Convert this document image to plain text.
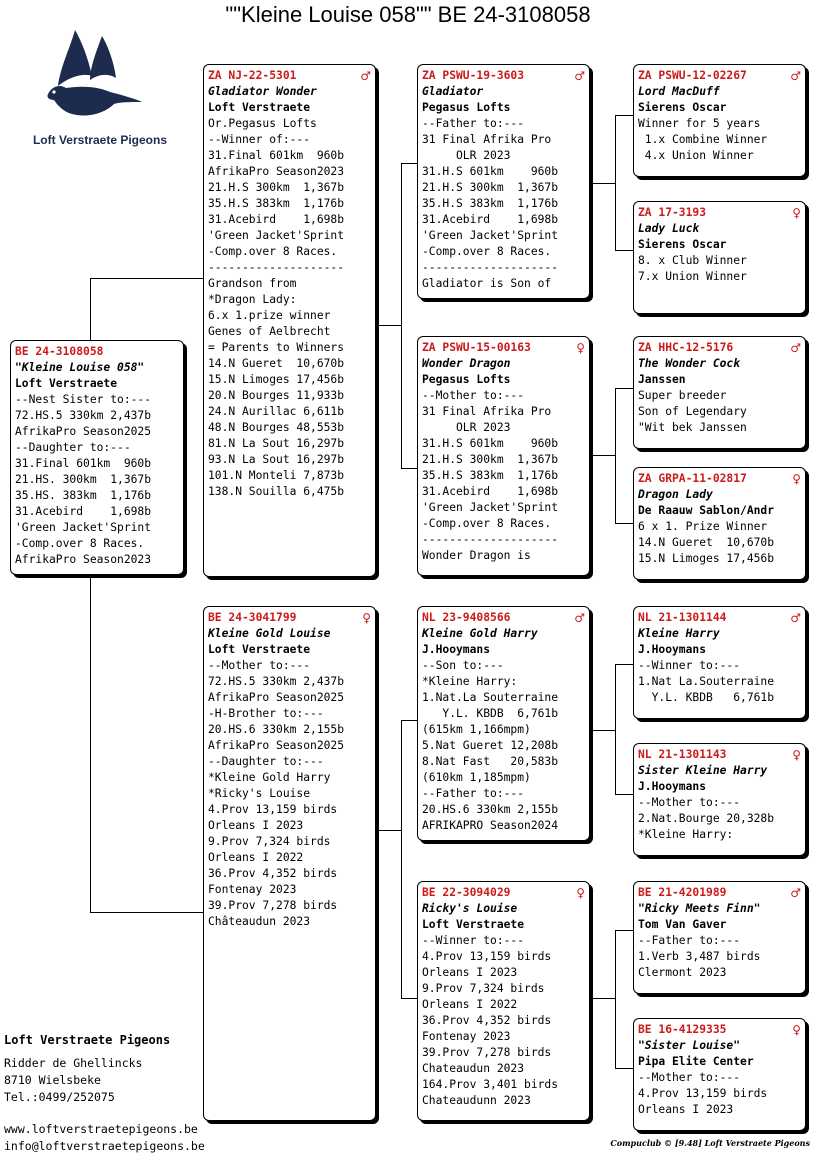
""Kleine Louise 058"" BE 24-3108058
Loft Verstraete Pigeons
BE 24-3108058
"Kleine Louise 058"
Loft Verstraete
--Nest Sister to:---
72.HS.5 330km 2,437b
AfrikaPro Season2025
--Daughter to:---
31.Final 601km  960b
21.HS. 300km  1,367b
35.HS. 383km  1,176b
31.Acebird    1,698b
'Green Jacket'Sprint
-Comp.over 8 Races.
AfrikaPro Season2023
ZA NJ-22-5301	♂
Gladiator Wonder
Loft Verstraete
Or.Pegasus Lofts
--Winner of:---
31.Final 601km  960b
AfrikaPro Season2023
21.H.S 300km  1,367b
35.H.S 383km  1,176b
31.Acebird    1,698b
'Green Jacket'Sprint
-Comp.over 8 Races.
--------------------
Grandson from
*Dragon Lady:
6.x 1.prize winner
Genes of Aelbrecht
= Parents to Winners
14.N Gueret  10,670b
15.N Limoges 17,456b
20.N Bourges 11,933b
24.N Aurillac 6,611b
48.N Bourges 48,553b
81.N La Sout 16,297b
93.N La Sout 16,297b
101.N Monteli 7,873b
138.N Souilla 6,475b
BE 24-3041799	♀
Kleine Gold Louise
Loft Verstraete
--Mother to:---
72.HS.5 330km 2,437b
AfrikaPro Season2025
-H-Brother to:---
20.HS.6 330km 2,155b
AfrikaPro Season2025
--Daughter to:---
*Kleine Gold Harry
*Ricky's Louise
4.Prov 13,159 birds
Orleans I 2023
9.Prov 7,324 birds
Orleans I 2022
36.Prov 4,352 birds
Fontenay 2023
39.Prov 7,278 birds
Châteaudun 2023
ZA PSWU-19-3603	♂
Gladiator
Pegasus Lofts
--Father to:---
31 Final Afrika Pro
OLR 2023
31.H.S 601km    960b
21.H.S 300km  1,367b
35.H.S 383km  1,176b
31.Acebird    1,698b
'Green Jacket'Sprint
-Comp.over 8 Races.
--------------------
Gladiator is Son of
ZA PSWU-15-00163	♀
Wonder Dragon
Pegasus Lofts
--Mother to:---
31 Final Afrika Pro
OLR 2023
31.H.S 601km    960b
21.H.S 300km  1,367b
35.H.S 383km  1,176b
31.Acebird    1,698b
'Green Jacket'Sprint
-Comp.over 8 Races.
--------------------
Wonder Dragon is
NL 23-9408566	♂
Kleine Gold Harry
J.Hooymans
--Son to:---
*Kleine Harry:
1.Nat.La Souterraine
Y.L. KBDB  6,761b
(615km 1,166mpm)
5.Nat Gueret 12,208b
8.Nat Fast   20,583b
(610km 1,185mpm)
--Father to:---
20.HS.6 330km 2,155b
AFRIKAPRO Season2024
BE 22-3094029	♀
Ricky's Louise
Loft Verstraete
--Winner to:---
4.Prov 13,159 birds
Orleans I 2023
9.Prov 7,324 birds
Orleans I 2022
36.Prov 4,352 birds
Fontenay 2023
39.Prov 7,278 birds
Chateaudun 2023
164.Prov 3,401 birds
Chateaudunn 2023
ZA PSWU-12-02267	♂
Lord MacDuff
Sierens Oscar
Winner for 5 years
1.x Combine Winner
4.x Union Winner
ZA 17-3193	♀
Lady Luck
Sierens Oscar
8. x Club Winner
7.x Union Winner
ZA HHC-12-5176	♂
The Wonder Cock
Janssen
Super breeder
Son of Legendary
"Wit bek Janssen
ZA GRPA-11-02817	♀
Dragon Lady
De Raauw Sablon/Andr
6 x 1. Prize Winner
14.N Gueret  10,670b
15.N Limoges 17,456b
NL 21-1301144	♂
Kleine Harry
J.Hooymans
--Winner to:---
1.Nat La.Souterraine
Y.L. KBDB   6,761b
NL 21-1301143	♀
Sister Kleine Harry
J.Hooymans
--Mother to:---
2.Nat.Bourge 20,328b
*Kleine Harry:
BE 21-4201989	♂
"Ricky Meets Finn"
Tom Van Gaver
--Father to:---
1.Verb 3,487 birds
Clermont 2023
BE 16-4129335	♀
"Sister Louise"
Pipa Elite Center
--Mother to:---
4.Prov 13,159 birds
Orleans I 2023
Loft Verstraete Pigeons
Ridder de Ghellincks
8710 Wielsbeke
Tel.:0499/252075
www.loftverstraetepigeons.be
info@loftverstraetepigeons.be	Compuclub © [9.48] Loft Verstraete Pigeons
